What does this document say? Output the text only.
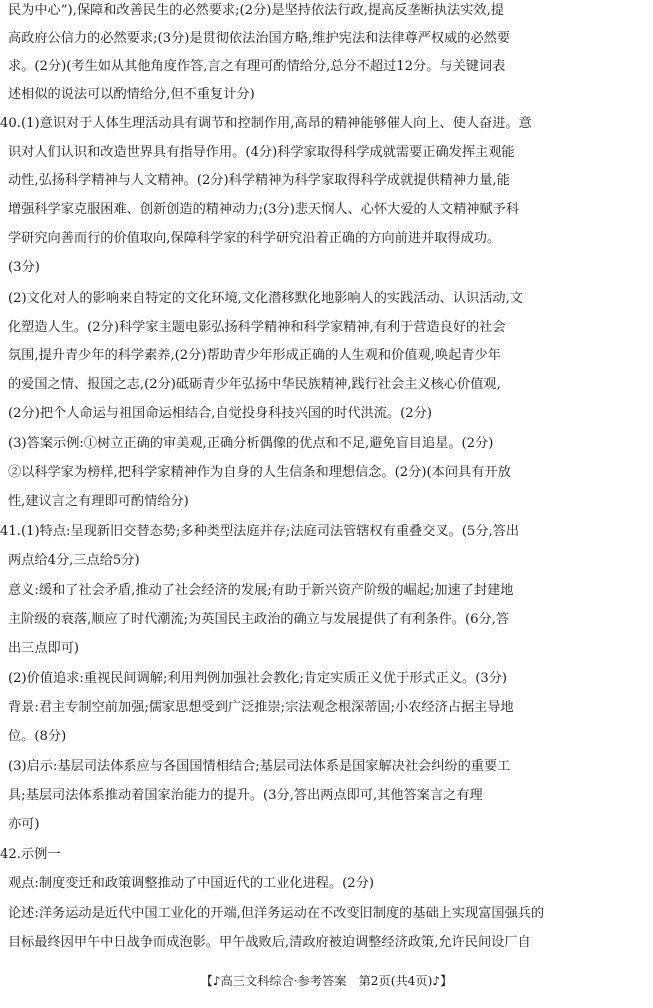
民为中心”),保障和改善民生的必然要求;(2分)是坚持依法行政,提高反垄断执法实效,提
高政府公信力的必然要求;(3分)是贯彻依法治国方略,维护宪法和法律尊严权威的必然要
求。(2分)(考生如从其他角度作答,言之有理可酌情给分,总分不超过12分。与关键词表
述相似的说法可以酌情给分,但不重复计分)
40.(1)意识对于人体生理活动具有调节和控制作用,高昂的精神能够催人向上、使人奋进。意
识对人们认识和改造世界具有指导作用。(4分)科学家取得科学成就需要正确发挥主观能
动性,弘扬科学精神与人文精神。(2分)科学精神为科学家取得科学成就提供精神力量,能
增强科学家克服困难、创新创造的精神动力;(3分)悲天悯人、心怀大爱的人文精神赋予科
学研究向善而行的价值取向,保障科学家的科学研究沿着正确的方向前进并取得成功。
(3分)
(2)文化对人的影响来自特定的文化环境,文化潜移默化地影响人的实践活动、认识活动,文
化塑造人生。(2分)科学家主题电影弘扬科学精神和科学家精神,有利于营造良好的社会
氛围,提升青少年的科学素养,(2分)帮助青少年形成正确的人生观和价值观,唤起青少年
的爱国之情、报国之志,(2分)砥砺青少年弘扬中华民族精神,践行社会主义核心价值观,
(2分)把个人命运与祖国命运相结合,自觉投身科技兴国的时代洪流。(2分)
(3)答案示例:①树立正确的审美观,正确分析偶像的优点和不足,避免盲目追星。(2分)
②以科学家为榜样,把科学家精神作为自身的人生信条和理想信念。(2分)(本问具有开放
性,建议言之有理即可酌情给分)
41.(1)特点:呈现新旧交替态势;多种类型法庭并存;法庭司法管辖权有重叠交叉。(5分,答出
两点给4分,三点给5分)
意义:缓和了社会矛盾,推动了社会经济的发展;有助于新兴资产阶级的崛起;加速了封建地
主阶级的衰落,顺应了时代潮流;为英国民主政治的确立与发展提供了有利条件。(6分,答
出三点即可)
(2)价值追求:重视民间调解;利用判例加强社会教化;肯定实质正义优于形式正义。(3分)
背景:君主专制空前加强;儒家思想受到广泛推崇;宗法观念根深蒂固;小农经济占据主导地
位。(8分)
(3)启示:基层司法体系应与各国国情相结合;基层司法体系是国家解决社会纠纷的重要工
具;基层司法体系推动着国家治能力的提升。(3分,答出两点即可,其他答案言之有理
亦可)
42.示例一
观点:制度变迁和政策调整推动了中国近代的工业化进程。(2分)
论述:洋务运动是近代中国工业化的开端,但洋务运动在不改变旧制度的基础上实现富国强兵的
目标最终因甲午中日战争而成泡影。甲午战败后,清政府被迫调整经济政策,允许民间设厂自
【♪高三文科综合·参考答案　第2页(共4页)♪】
